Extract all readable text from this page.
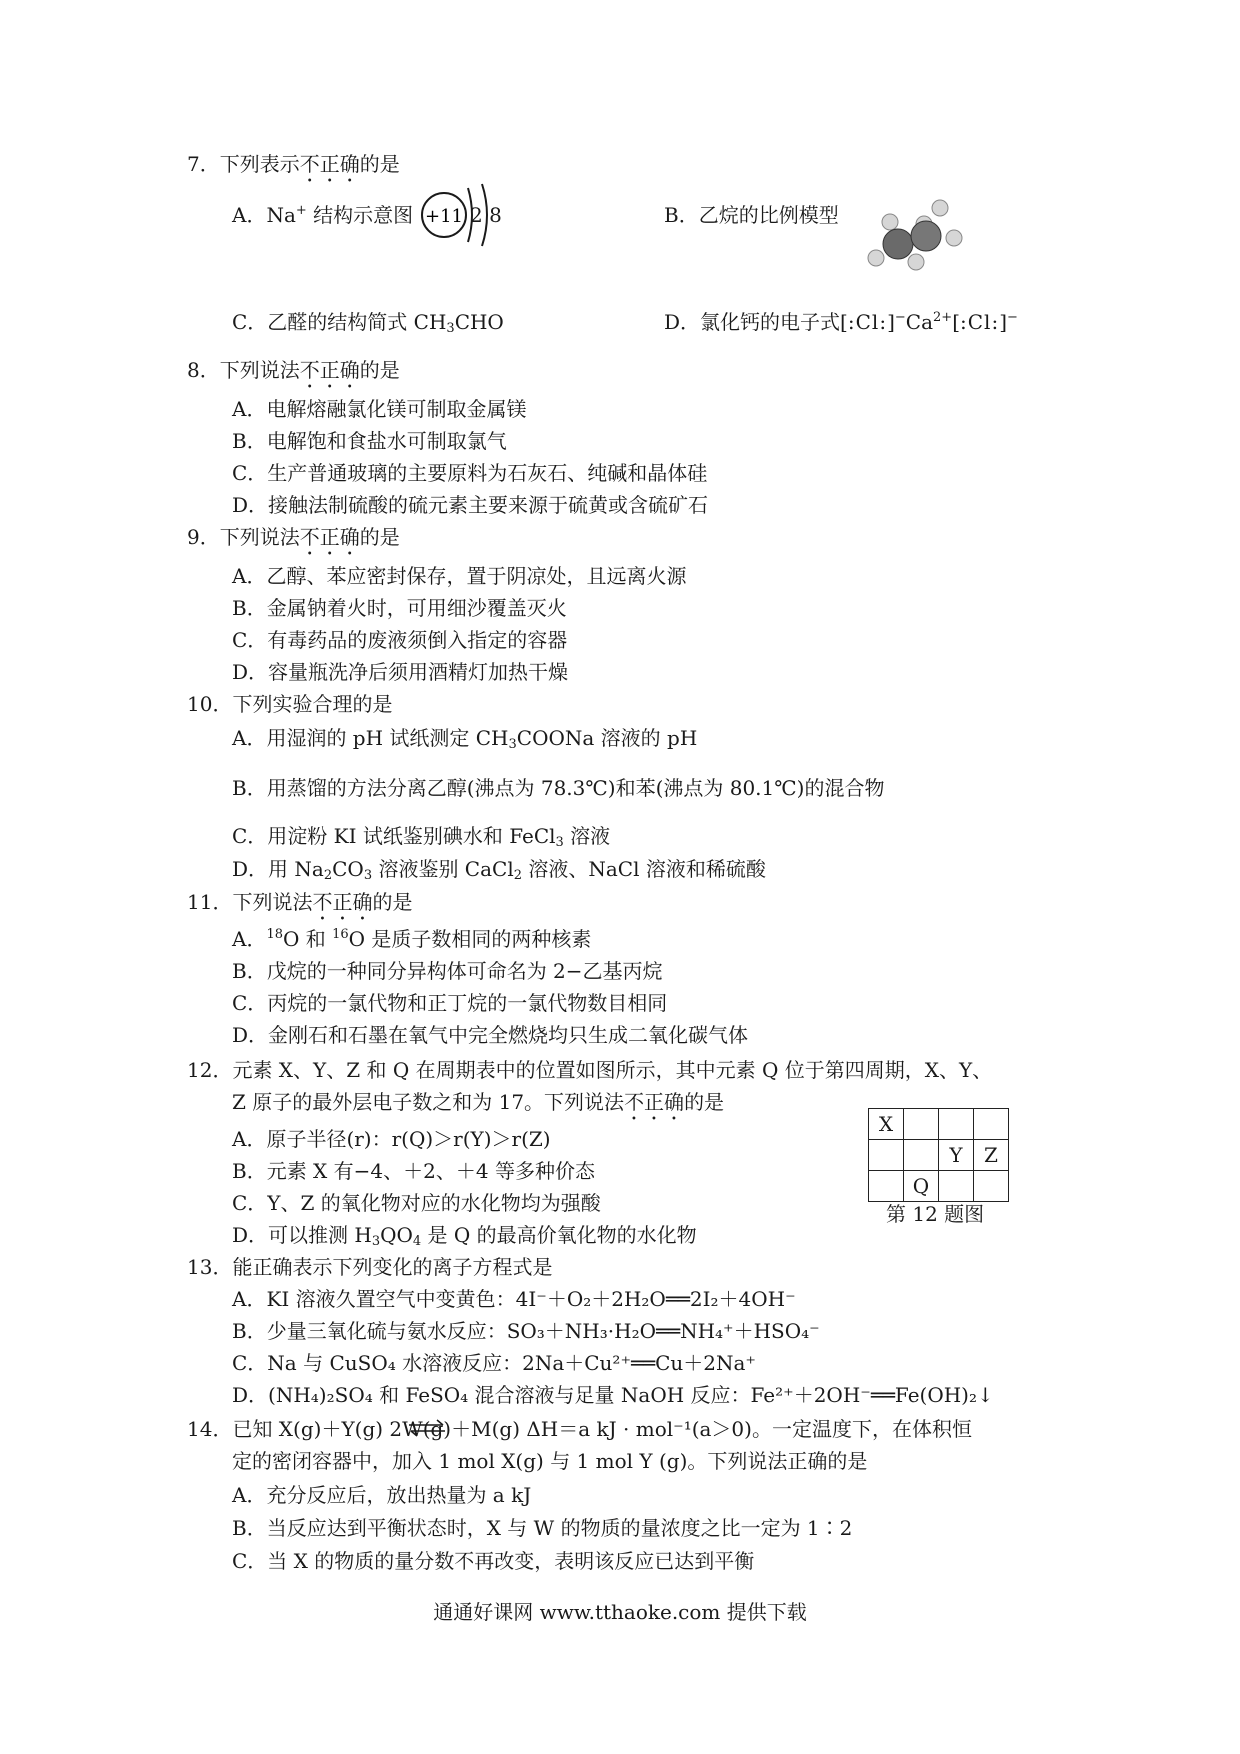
7．下列表示不正确的是
A．Na+ 结构示意图 +11 2 8	B．乙烷的比例模型
C．乙醛的结构简式 $CH_3CHO$	D．氯化钙的电子式$[:Cl:]^-Ca^{2+}[:Cl:]^-$
8．下列说法不正确的是
A．电解熔融氯化镁可制取金属镁
B．电解饱和食盐水可制取氯气
C．生产普通玻璃的主要原料为石灰石、纯碱和晶体硅
D．接触法制硫酸的硫元素主要来源于硫黄或含硫矿石
9．下列说法不正确的是
A．乙醇、苯应密封保存，置于阴凉处，且远离火源
B．金属钠着火时，可用细沙覆盖灭火
C．有毒药品的废液须倒入指定的容器
D．容量瓶洗净后须用酒精灯加热干燥
10．下列实验合理的是
A．用湿润的 pH 试纸测定 $CH_3COONa$ 溶液的 pH
B．用蒸馏的方法分离乙醇(沸点为 78.3℃)和苯(沸点为 80.1℃)的混合物
C．用淀粉 KI 试纸鉴别碘水和 FeCl$_3$ 溶液
D．用 $Na_2CO_3$ 溶液鉴别 CaCl$_2$ 溶液、NaCl 溶液和稀硫酸
11．下列说法不正确的是
A．$^{18}$O 和 $^{16}$O 是质子数相同的两种核素
B．戊烷的一种同分异构体可命名为 2−乙基丙烷
C．丙烷的一氯代物和正丁烷的一氯代物数目相同
D．金刚石和石墨在氧气中完全燃烧均只生成二氧化碳气体
12．元素 X、Y、Z 和 Q 在周期表中的位置如图所示，其中元素 Q 位于第四周期，X、Y、
Z 原子的最外层电子数之和为 17。下列说法不正确的是
A．原子半径(r)：r(Q)＞r(Y)＞r(Z)
B．元素 X 有−4、＋2、＋4 等多种价态
C．Y、Z 的氧化物对应的水化物均为强酸
D．可以推测 $H_3QO_4$ 是 Q 的最高价氧化物的水化物
X			
		Y	Z
	Q		
第 12 题图
13．能正确表示下列变化的离子方程式是
A．KI 溶液久置空气中变黄色：4I⁻＋O₂＋2H₂O══2I₂＋4OH⁻
B．少量三氧化硫与氨水反应：SO₃＋NH₃·H₂O══NH₄⁺＋HSO₄⁻
C．Na 与 CuSO₄ 水溶液反应：2Na＋Cu²⁺══Cu＋2Na⁺
D．(NH₄)₂SO₄ 和 FeSO₄ 混合溶液与足量 NaOH 反应：Fe²⁺＋2OH⁻══Fe(OH)₂↓
14．已知 X(g)＋Y(g) 2W(g)＋M(g) ΔH＝a kJ · mol⁻¹(a＞0)。一定温度下，在体积恒
定的密闭容器中，加入 1 mol X(g) 与 1 mol Y (g)。下列说法正确的是
A．充分反应后，放出热量为 a kJ
B．当反应达到平衡状态时，X 与 W 的物质的量浓度之比一定为 1∶2
C．当 X 的物质的量分数不再改变，表明该反应已达到平衡
通通好课网 www.tthaoke.com 提供下载
